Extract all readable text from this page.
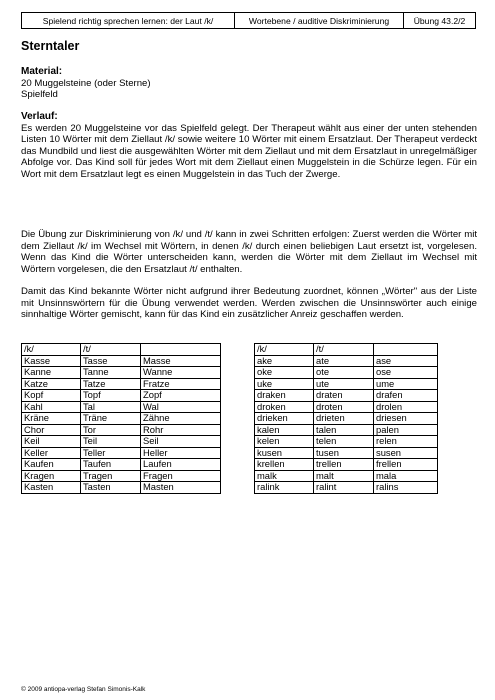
Spielend richtig sprechen lernen: der Laut /k/	Wortebene / auditive Diskriminierung	Übung 43.2/2
Sterntaler
Material:
20 Muggelsteine (oder Sterne)
Spielfeld
Verlauf:

Es werden 20 Muggelsteine vor das Spielfeld gelegt. Der Therapeut wählt aus einer der unten stehenden Listen 10 Wörter mit dem Ziellaut /k/ sowie weitere 10 Wörter mit einem Ersatzlaut. Der Therapeut verdeckt das Mundbild und liest die ausgewählten Wörter mit dem Ziellaut und mit dem Ersatzlaut in unregelmäßiger Abfolge vor. Das Kind soll für jedes Wort mit dem Ziellaut einen Muggelstein in die Schürze legen. Für ein Wort mit dem Ersatzlaut legt es einen Muggelstein in das Tuch der Zwerge.

Die Übung zur Diskriminierung von /k/ und /t/ kann in zwei Schritten erfolgen: Zuerst werden die Wörter mit dem Ziellaut /k/ im Wechsel mit Wörtern, in denen /k/ durch einen beliebigen Laut ersetzt ist, vorgelesen. Wenn das Kind die Wörter unterscheiden kann, werden die Wörter mit dem Ziellaut im Wechsel mit Wörtern vorgelesen, die den Ersatzlaut /t/ enthalten.

Damit das Kind bekannte Wörter nicht aufgrund ihrer Bedeutung zuordnet, können „Wörter" aus der Liste mit Unsinnswörtern für die Übung verwendet werden. Werden zwischen die Unsinnswörter auch einige sinnhaltige Wörter gemischt, kann für das Kind ein zusätzlicher Anreiz geschaffen werden.

/k/	/t/	
Kasse	Tasse	Masse
Kanne	Tanne	Wanne
Katze	Tatze	Fratze
Kopf	Topf	Zopf
Kahl	Tal	Wal
Kräne	Träne	Zähne
Chor	Tor	Rohr
Keil	Teil	Seil
Keller	Teller	Heller
Kaufen	Taufen	Laufen
Kragen	Tragen	Fragen
Kasten	Tasten	Masten
/k/	/t/	
ake	ate	ase
oke	ote	ose
uke	ute	ume
draken	draten	drafen
droken	droten	drolen
drieken	drieten	driesen
kalen	talen	palen
kelen	telen	relen
kusen	tusen	susen
krellen	trellen	frellen
malk	malt	mala
ralink	ralint	ralins
© 2009 antiopa-verlag Stefan Simonis-Kalk
